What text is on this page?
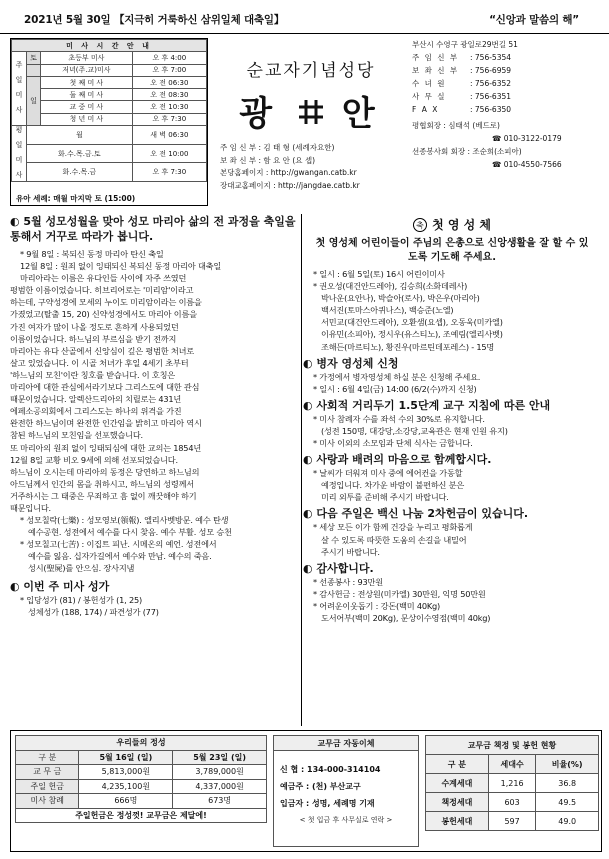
2021년 5월 30일 【지극히 거룩하신 삼위일체 대축일】	“신앙과 말씀의 해”
미 사 시 간 안 내			
주 일 미 사	토	초등부 미사	오 후 4:00
		저녁(주.교)미사	오 후 7:00
	일	첫 째 미 사	오 전 06:30
		둘 째 미 사	오 전 08:30
		교 중 미 사	오 전 10:30
		청 년 미 사	오 후 7:30
평 일 미 사	월		새 벽 06:30
	화.수.목.금.토		오 전 10:00
	화.수.목.금		오 후 7:30
유아 세례: 매월 마지막 토 (15:00)
순교자기념성당
광 안
주 임 신 부 : 김 태 형 (세례자요한)
보 좌 신 부 : 함 요 안 (요 셉)
본당홈페이지 : http://gwangan.catb.kr
장대교홈페이지 : http://jangdae.catb.kr
부산시 수영구 광일로29번길 51
주 임 신 부	: 756-5354
보 좌 신 부	: 756-6959
수 녀 원	: 756-6352
사 무 실	: 756-6351
F A X	: 756-6350
평협회장 : 심태석 (베드로)
☎ 010-3122-0179
선종봉사회 회장 : 조순희(소피아)
☎ 010-4550-7566
◐ 5월 성모성월을 맞아 성모 마리아 삶의 전 과정을 축일을 통해서 거꾸로 따라가 봅니다.
* 9월 8일 : 복되신 동정 마리아 탄신 축일
12월 8일 : 원죄 없이 잉태되신 복되신 동정 마리아 대축일
마리아라는 이름은 유다인들 사이에 자주 쓰였던
평범한 이름이었습니다. 히브리어로는 '미리암'이라고
하는데, 구약성경에 모세의 누이도 미리암이라는 이름을
가졌었고(탈출 15, 20) 신약성경에서도 마리아 이름을
가진 여자가 많이 나올 정도로 흔하게 사용되었던
이름이었습니다. 하느님의 부르심을 받기 전까지
마리아는 유다 산골에서 신앙심이 깊은 평범한 처녀로
살고 있었습니다. 이 시골 처녀가 후일 4세기 초부터
'하느님의 모친'이란 칭호를 받습니다. 이 호칭은
마리아에 대한 관심에서라기보다 그리스도에 대한 관심
때문이었습니다. 알렉산드리아의 치릴로는 431년
에페소공의회에서 그리스도는 하나의 위격을 가진
완전한 하느님이며 완전한 인간임을 밝히고 마리아 역시
참된 하느님의 모친임을 선포했습니다.
또 마리아의 원죄 없이 잉태되심에 대한 교의는 1854년
12월 8일 교황 비오 9세에 의해 선포되었습니다.
하느님이 오시는데 마리아의 동정은 당연하고 하느님의
아드님께서 인간의 몸을 취하시고, 하느님의 성령께서
거주하시는 그 태중은 무죄하고 흠 없이 깨끗해야 하기
때문입니다.
* 성모칠락(七樂) : 성모영보(領報). 엘리사벳방문. 예수 탄생
예수공현. 성전에서 예수를 다시 찾음. 예수 부활. 성모 승천
* 성모칠고(七苦) : 이집트 피난. 시메온의 예언. 성전에서
예수를 잃음. 십자가길에서 예수와 만남. 예수의 죽음.
성시(聖屍)를 안으심. 장사지냄
◐ 이번 주 미사 성가
* 입당성가 (81) / 봉헌성가 (1, 25)
성체성가 (188, 174) / 파견성가 (77)
축 첫 영 성 체
첫 영성체 어린이들이 주님의 은총으로 신앙생활을 잘 할 수 있도록 기도해 주세요.
* 일시 : 6월 5일(토) 16시 어린이미사
* 권오성(대건안드레아), 김승희(소화데레사)
박나운(요안나), 박슬아(로사), 박은우(마리아)
백서진(토마스아퀴나스), 백승준(노엘)
서민교(대건안드레아), 오환샘(요셉), 오동욱(미카엘)
이유민(소피아), 정시우(유스티노), 조예림(엘리사벳)
조해든(마르티노), 황진우(마르틴데포레스) - 15명
◐ 병자 영성체 신청
* 가정에서 병자영성체 하실 분은 신청해 주세요.
* 일시 : 6월 4일(금) 14:00 (6/2(수)까지 신청)
◐ 사회적 거리두기 1.5단계 교구 지침에 따른 안내
* 미사 참례자 수를 좌석 수의 30%로 유지합니다.
(성전 150명, 대강당,소강당,교육관은 현재 인원 유지)
* 미사 이외의 소모임과 단체 식사는 금합니다.
◐ 사랑과 배려의 마음으로 함께합시다.
* 날씨가 더워져 미사 중에 에어컨을 가동할
예정입니다. 차가운 바람이 불편하신 분은
미리 외투를 준비해 주시기 바랍니다.
◐ 다음 주일은 백신 나눔 2차헌금이 있습니다.
* 세상 모든 이가 함께 건강을 누리고 평화롭게
살 수 있도록 따뜻한 도움의 손길을 내밀어
주시기 바랍니다.
◐ 감사합니다.
* 선종봉사 : 93만원
* 감사헌금 : 전상원(미카엘) 30만원, 익명 50만원
* 어려운이웃돕기 : 강돈(백미 40Kg)
도서어부(백미 20Kg), 문상이수영점(백미 40kg)
우리들의 정성		
구 분	5월 16일 (일)	5월 23일 (일)
교 무 금	5,813,000원	3,789,000원
주일 헌금	4,235,100원	4,337,000원
미사 참례	666명	673명
주일헌금은 정성껏! 교무금은 제달에!		
교무금 자동이체
신 협 : 134-000-314104
예금주 : (천) 부산교구
입금자 : 성명, 세례명 기재
< 첫 입금 후 사무실로 연락 >
교무금 책정 및 봉헌 현황		
구 분	세대수	비율(%)
수계세대	1,216	36.8
책정세대	603	49.5
봉헌세대	597	49.0
